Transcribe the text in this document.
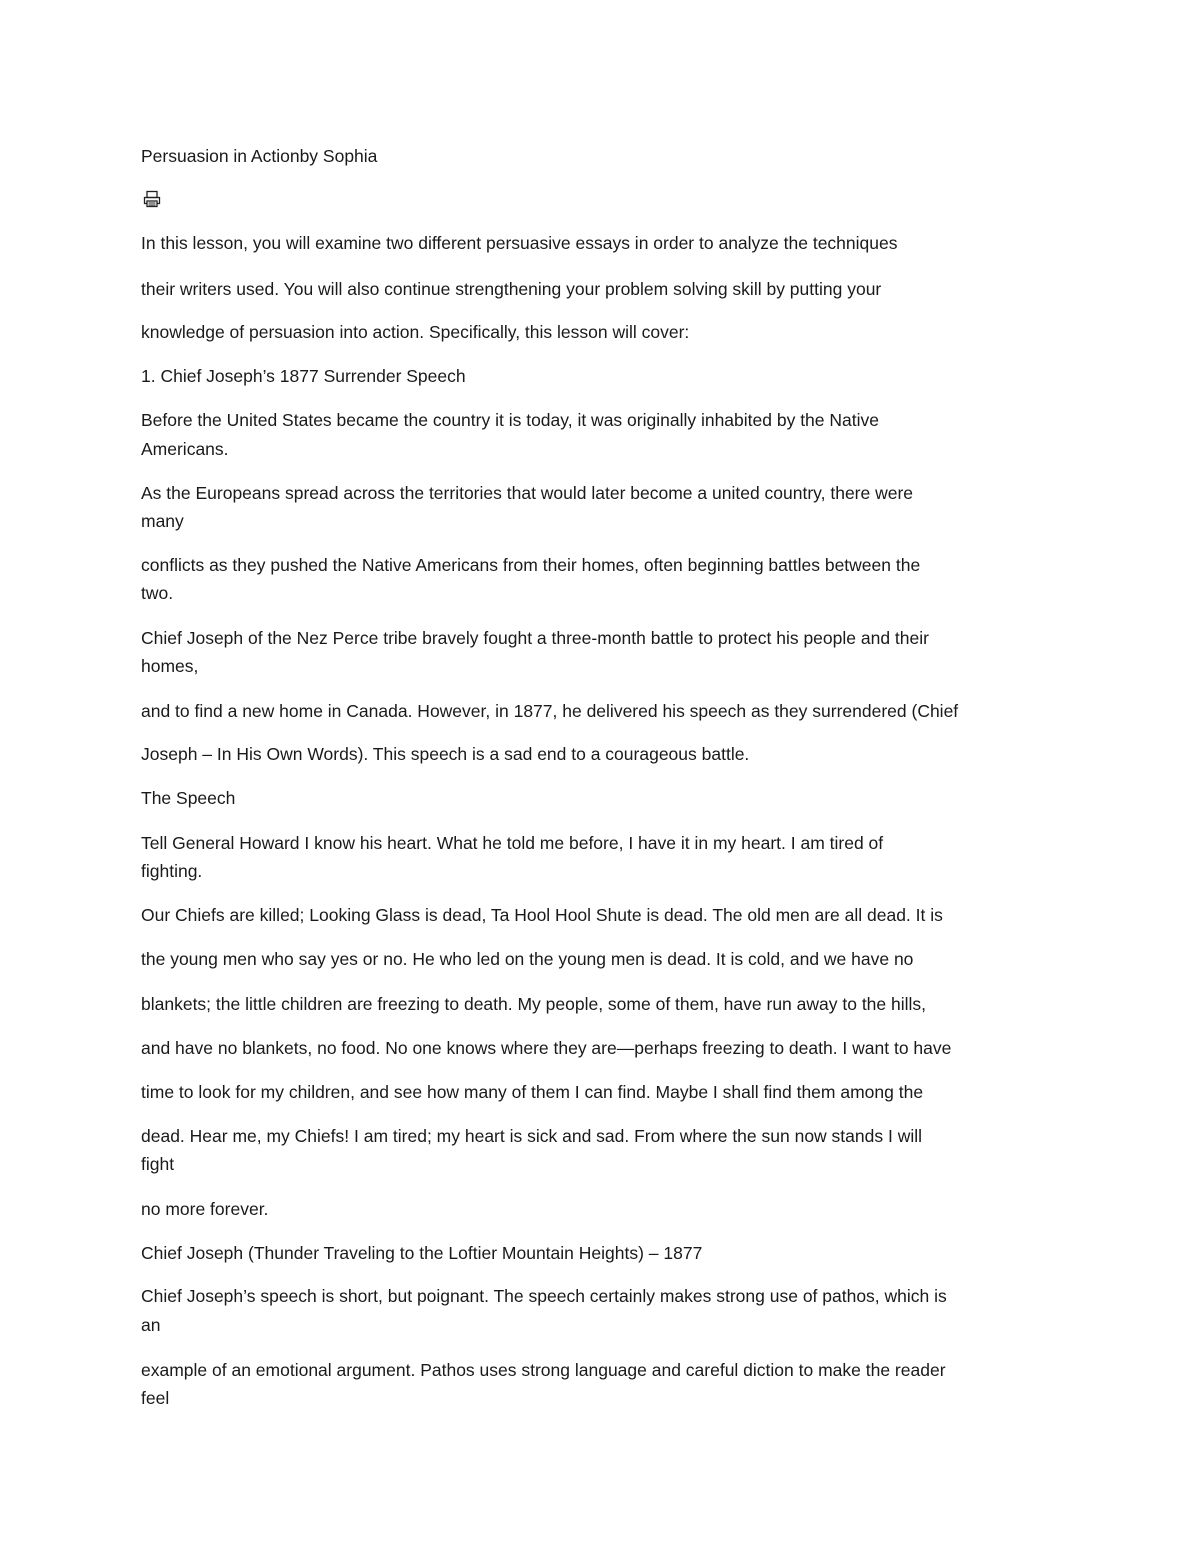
Persuasion in Actionby Sophia

In this lesson, you will examine two different persuasive essays in order to analyze the techniques

their writers used. You will also continue strengthening your problem solving skill by putting your

knowledge of persuasion into action. Specifically, this lesson will cover:

1. Chief Joseph’s 1877 Surrender Speech

Before the United States became the country it is today, it was originally inhabited by the Native

Americans.

As the Europeans spread across the territories that would later become a united country, there were

many

conflicts as they pushed the Native Americans from their homes, often beginning battles between the

two.

Chief Joseph of the Nez Perce tribe bravely fought a three-month battle to protect his people and their

homes,

and to find a new home in Canada. However, in 1877, he delivered his speech as they surrendered (Chief

Joseph – In His Own Words). This speech is a sad end to a courageous battle.

The Speech

Tell General Howard I know his heart. What he told me before, I have it in my heart. I am tired of

fighting.

Our Chiefs are killed; Looking Glass is dead, Ta Hool Hool Shute is dead. The old men are all dead. It is

the young men who say yes or no. He who led on the young men is dead. It is cold, and we have no

blankets; the little children are freezing to death. My people, some of them, have run away to the hills,

and have no blankets, no food. No one knows where they are—perhaps freezing to death. I want to have

time to look for my children, and see how many of them I can find. Maybe I shall find them among the

dead. Hear me, my Chiefs! I am tired; my heart is sick and sad. From where the sun now stands I will

fight

no more forever.

Chief Joseph (Thunder Traveling to the Loftier Mountain Heights) – 1877

Chief Joseph’s speech is short, but poignant. The speech certainly makes strong use of pathos, which is

an

example of an emotional argument. Pathos uses strong language and careful diction to make the reader

feel
